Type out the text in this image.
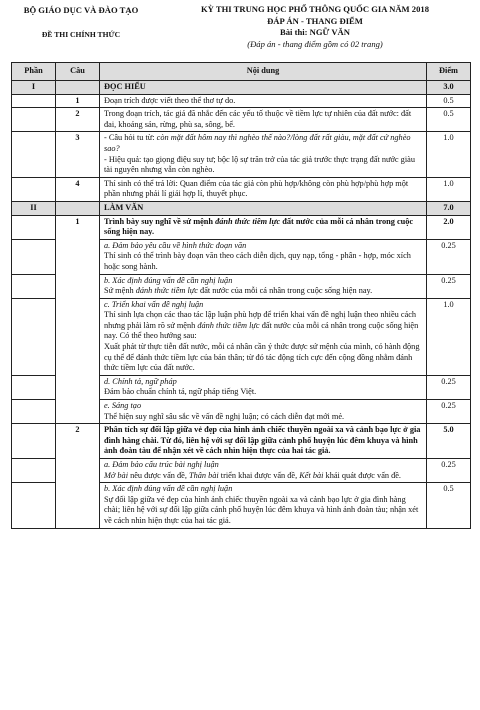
BỘ GIÁO DỤC VÀ ĐÀO TẠO
ĐỀ THI CHÍNH THỨC
KỲ THI TRUNG HỌC PHỔ THÔNG QUỐC GIA NĂM 2018
ĐÁP ÁN - THANG ĐIỂM
Bài thi: NGỮ VĂN
(Đáp án - thang điểm gồm có 02 trang)
Phần	Câu	Nội dung	Điểm
I		ĐỌC HIỂU	3.0
	1	Đoạn trích được viết theo thể thơ tự do.	0.5
	2	Trong đoạn trích, tác giả đã nhắc đến các yếu tố thuộc về tiềm lực tự nhiên của đất nước: đất đai, khoáng sản, rừng, phù sa, sông, bể.	0.5
	3	- Câu hỏi tu từ: còn mặt đất hôm nay thì nghèo thế nào?/lòng đất rất giàu, mặt đất cứ nghèo sao?
- Hiệu quả: tạo giọng điệu suy tư; bộc lộ sự trăn trở của tác giả trước thực trạng đất nước giàu tài nguyên nhưng vẫn còn nghèo.	1.0
	4	Thí sinh có thể trả lời: Quan điểm của tác giả còn phù hợp/không còn phù hợp/phù hợp một phần nhưng phải lí giải hợp lí, thuyết phục.	1.0
II		LÀM VĂN	7.0
	1	Trình bày suy nghĩ về sứ mệnh đánh thức tiềm lực đất nước của mỗi cá nhân trong cuộc sống hiện nay.	2.0

		a. Đảm bảo yêu cầu về hình thức đoạn văn
Thí sinh có thể trình bày đoạn văn theo cách diễn dịch, quy nạp, tổng - phân - hợp, móc xích hoặc song hành.	0.25

		b. Xác định đúng vấn đề cần nghị luận
Sứ mệnh đánh thức tiềm lực đất nước của mỗi cá nhân trong cuộc sống hiện nay.	0.25

		c. Triển khai vấn đề nghị luận
Thí sinh lựa chọn các thao tác lập luận phù hợp để triển khai vấn đề nghị luận theo nhiều cách nhưng phải làm rõ sứ mệnh đánh thức tiềm lực đất nước của mỗi cá nhân trong cuộc sống hiện nay. Có thể theo hướng sau:
Xuất phát từ thực tiễn đất nước, mỗi cá nhân cần ý thức được sứ mệnh của mình, có hành động cụ thể để đánh thức tiềm lực của bản thân; từ đó tác động tích cực đến cộng đồng nhằm đánh thức tiềm lực của đất nước.	1.0

		d. Chính tả, ngữ pháp
Đảm bảo chuẩn chính tả, ngữ pháp tiếng Việt.	0.25

		e. Sáng tạo
Thể hiện suy nghĩ sâu sắc về vấn đề nghị luận; có cách diễn đạt mới mẻ.	0.25
	2	Phân tích sự đối lập giữa vẻ đẹp của hình ảnh chiếc thuyền ngoài xa và cảnh bạo lực ở gia đình hàng chài. Từ đó, liên hệ với sự đối lập giữa cảnh phố huyện lúc đêm khuya và hình ảnh đoàn tàu để nhận xét về cách nhìn hiện thực của hai tác giả.	5.0

		a. Đảm bảo cấu trúc bài nghị luận
Mở bài nêu được vấn đề, Thân bài triển khai được vấn đề, Kết bài khái quát được vấn đề.	0.25

		b. Xác định đúng vấn đề cần nghị luận
Sự đối lập giữa vẻ đẹp của hình ảnh chiếc thuyền ngoài xa và cảnh bạo lực ở gia đình hàng chài; liên hệ với sự đối lập giữa cảnh phố huyện lúc đêm khuya và hình ảnh đoàn tàu; nhận xét về cách nhìn hiện thực của hai tác giả.	0.5
